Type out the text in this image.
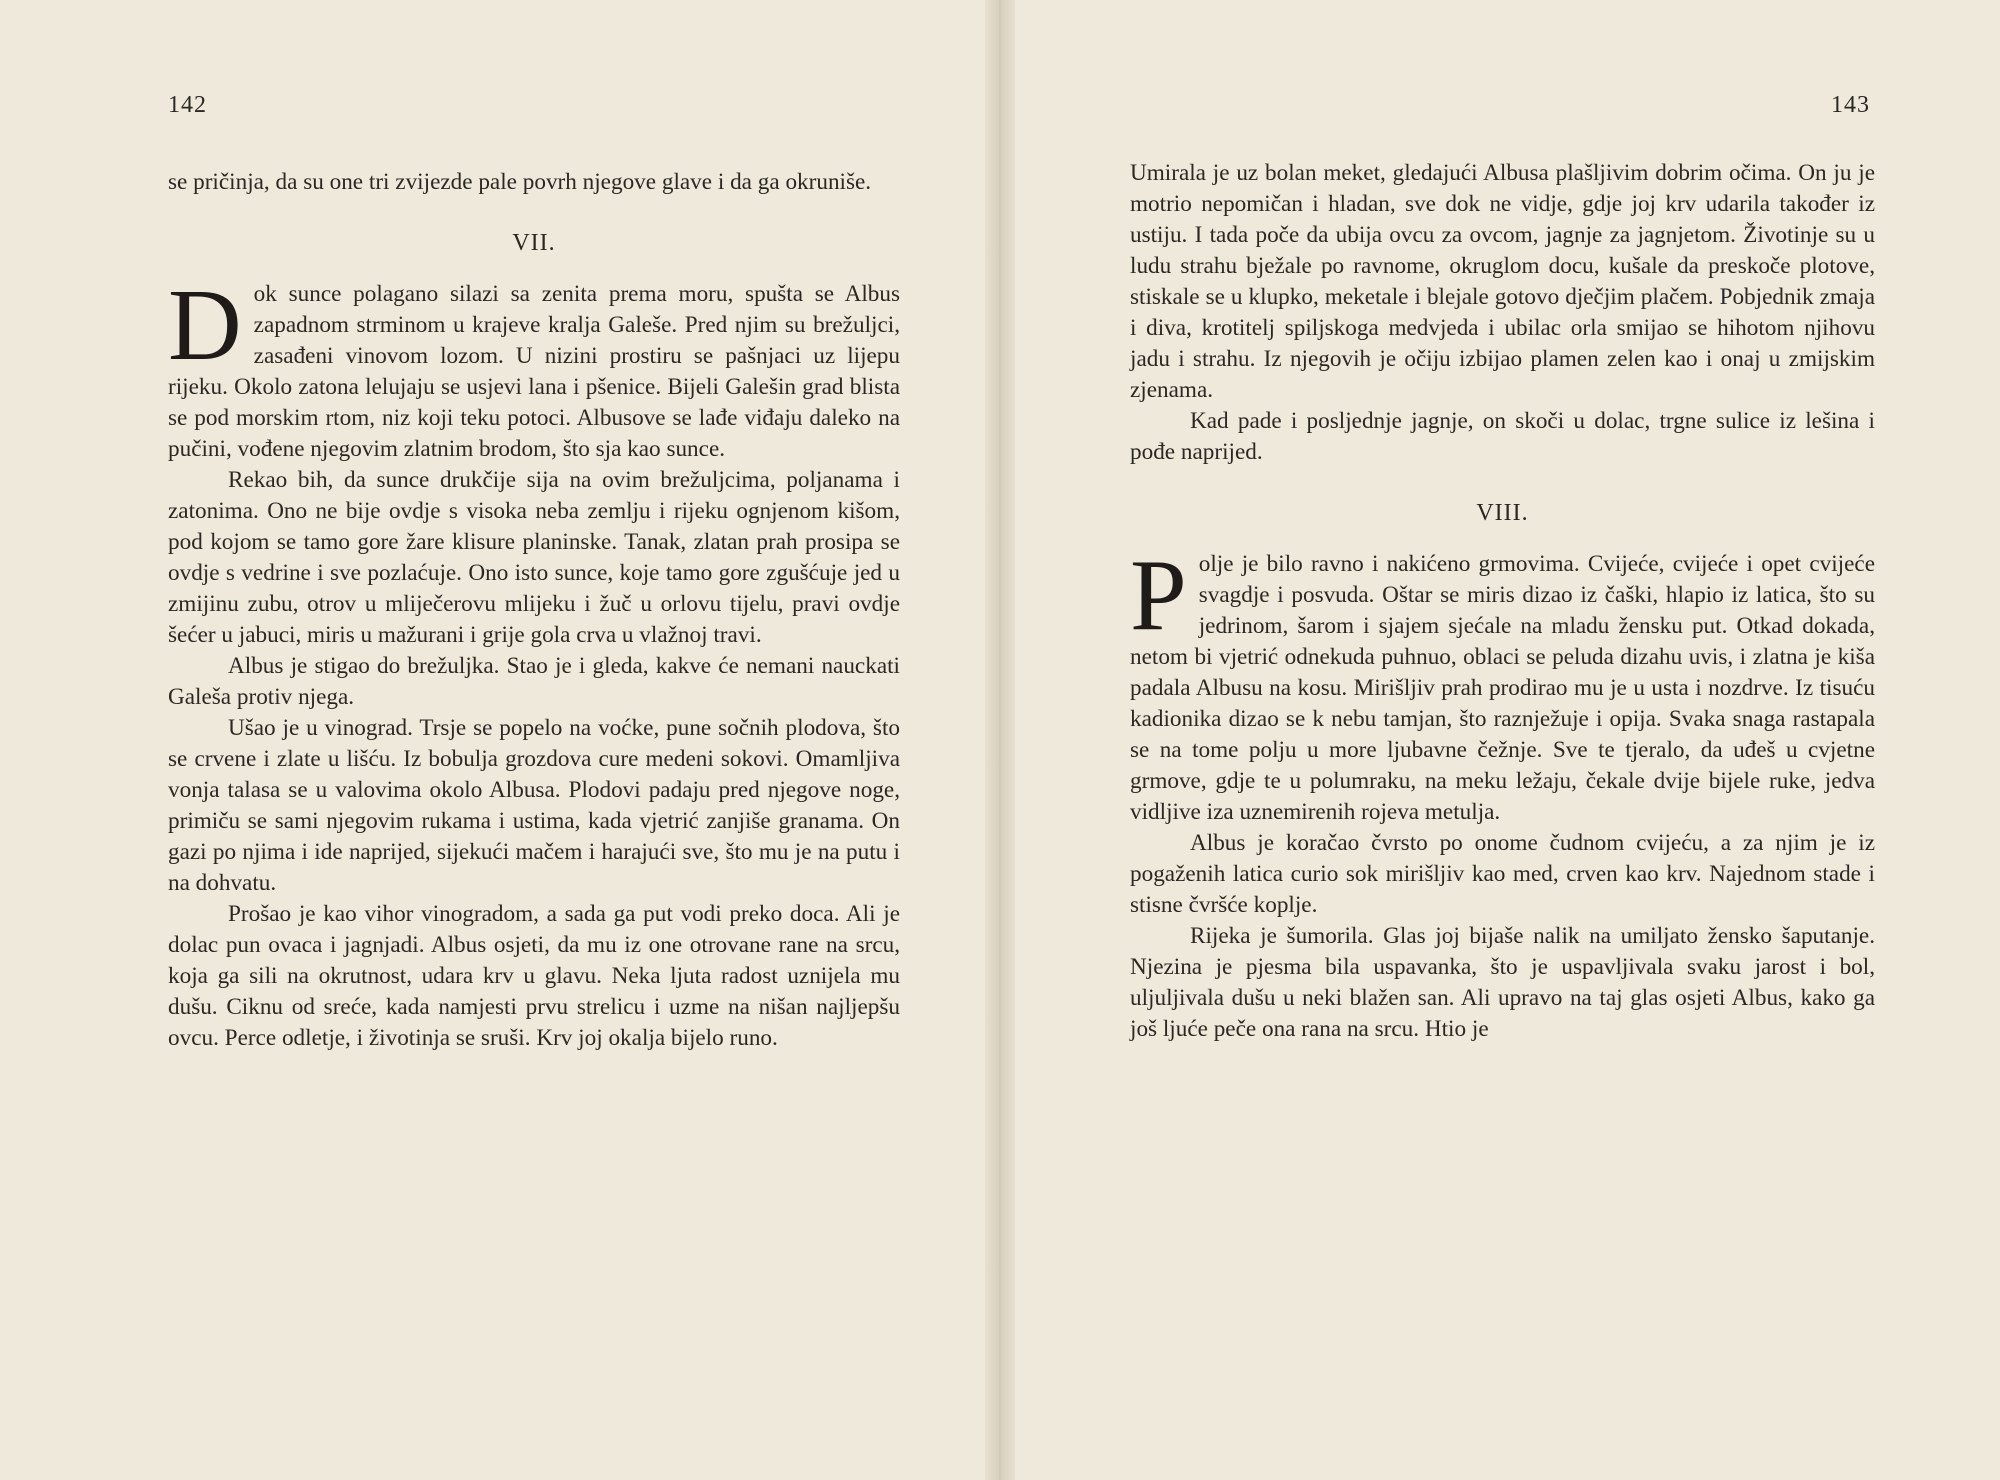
142

se pričinja, da su one tri zvijezde pale povrh njegove glave i da ga okruniše.

VII.

Dok sunce polagano silazi sa zenita prema moru, spušta se Albus zapadnom strminom u krajeve kralja Galeše. Pred njim su brežuljci, zasađeni vinovom lozom. U nizini prostiru se pašnjaci uz lijepu rijeku. Okolo zatona lelujaju se usjevi lana i pšenice. Bijeli Galešin grad blista se pod morskim rtom, niz koji teku potoci. Albusove se lađe viđaju daleko na pučini, vođene njegovim zlatnim brodom, što sja kao sunce.

Rekao bih, da sunce drukčije sija na ovim brežuljcima, poljanama i zatonima. Ono ne bije ovdje s visoka neba zemlju i rijeku ognjenom kišom, pod kojom se tamo gore žare klisure planinske. Tanak, zlatan prah prosipa se ovdje s vedrine i sve pozlaćuje. Ono isto sunce, koje tamo gore zgušćuje jed u zmijinu zubu, otrov u mliječerovu mlijeku i žuč u orlovu tijelu, pravi ovdje šećer u jabuci, miris u mažurani i grije gola crva u vlažnoj travi.

Albus je stigao do brežuljka. Stao je i gleda, kakve će nemani nauckati Galeša protiv njega.

Ušao je u vinograd. Trsje se popelo na voćke, pune sočnih plodova, što se crvene i zlate u lišću. Iz bobulja grozdova cure medeni sokovi. Omamljiva vonja talasa se u valovima okolo Albusa. Plodovi padaju pred njegove noge, primiču se sami njegovim rukama i ustima, kada vjetrić zanjiše granama. On gazi po njima i ide naprijed, sijekući mačem i harajući sve, što mu je na putu i na dohvatu.

Prošao je kao vihor vinogradom, a sada ga put vodi preko doca. Ali je dolac pun ovaca i jagnjadi. Albus osjeti, da mu iz one otrovane rane na srcu, koja ga sili na okrutnost, udara krv u glavu. Neka ljuta radost uznijela mu dušu. Ciknu od sreće, kada namjesti prvu strelicu i uzme na nišan najljepšu ovcu. Perce odletje, i životinja se sruši. Krv joj okalja bijelo runo.

143

Umirala je uz bolan meket, gledajući Albusa plašljivim dobrim očima. On ju je motrio nepomičan i hladan, sve dok ne vidje, gdje joj krv udarila također iz ustiju. I tada poče da ubija ovcu za ovcom, jagnje za jagnjetom. Životinje su u ludu strahu bježale po ravnome, okruglom docu, kušale da preskoče plotove, stiskale se u klupko, meketale i blejale gotovo dječjim plačem. Pobjednik zmaja i diva, krotitelj spiljskoga medvjeda i ubilac orla smijao se hihotom njihovu jadu i strahu. Iz njegovih je očiju izbijao plamen zelen kao i onaj u zmijskim zjenama.

Kad pade i posljednje jagnje, on skoči u dolac, trgne sulice iz lešina i pođe naprijed.

VIII.

Polje je bilo ravno i nakićeno grmovima. Cvijeće, cvijeće i opet cvijeće svagdje i posvuda. Oštar se miris dizao iz čaški, hlapio iz latica, što su jedrinom, šarom i sjajem sjećale na mladu žensku put. Otkad dokada, netom bi vjetrić odnekuda puhnuo, oblaci se peluda dizahu uvis, i zlatna je kiša padala Albusu na kosu. Mirišljiv prah prodirao mu je u usta i nozdrve. Iz tisuću kadionika dizao se k nebu tamjan, što raznježuje i opija. Svaka snaga rastapala se na tome polju u more ljubavne čežnje. Sve te tjeralo, da uđeš u cvjetne grmove, gdje te u polumraku, na meku ležaju, čekale dvije bijele ruke, jedva vidljive iza uznemirenih rojeva metulja.

Albus je koračao čvrsto po onome čudnom cvijeću, a za njim je iz pogaženih latica curio sok mirišljiv kao med, crven kao krv. Najednom stade i stisne čvršće koplje.

Rijeka je šumorila. Glas joj bijaše nalik na umiljato žensko šaputanje. Njezina je pjesma bila uspavanka, što je uspavljivala svaku jarost i bol, uljuljivala dušu u neki blažen san. Ali upravo na taj glas osjeti Albus, kako ga još ljuće peče ona rana na srcu. Htio je
